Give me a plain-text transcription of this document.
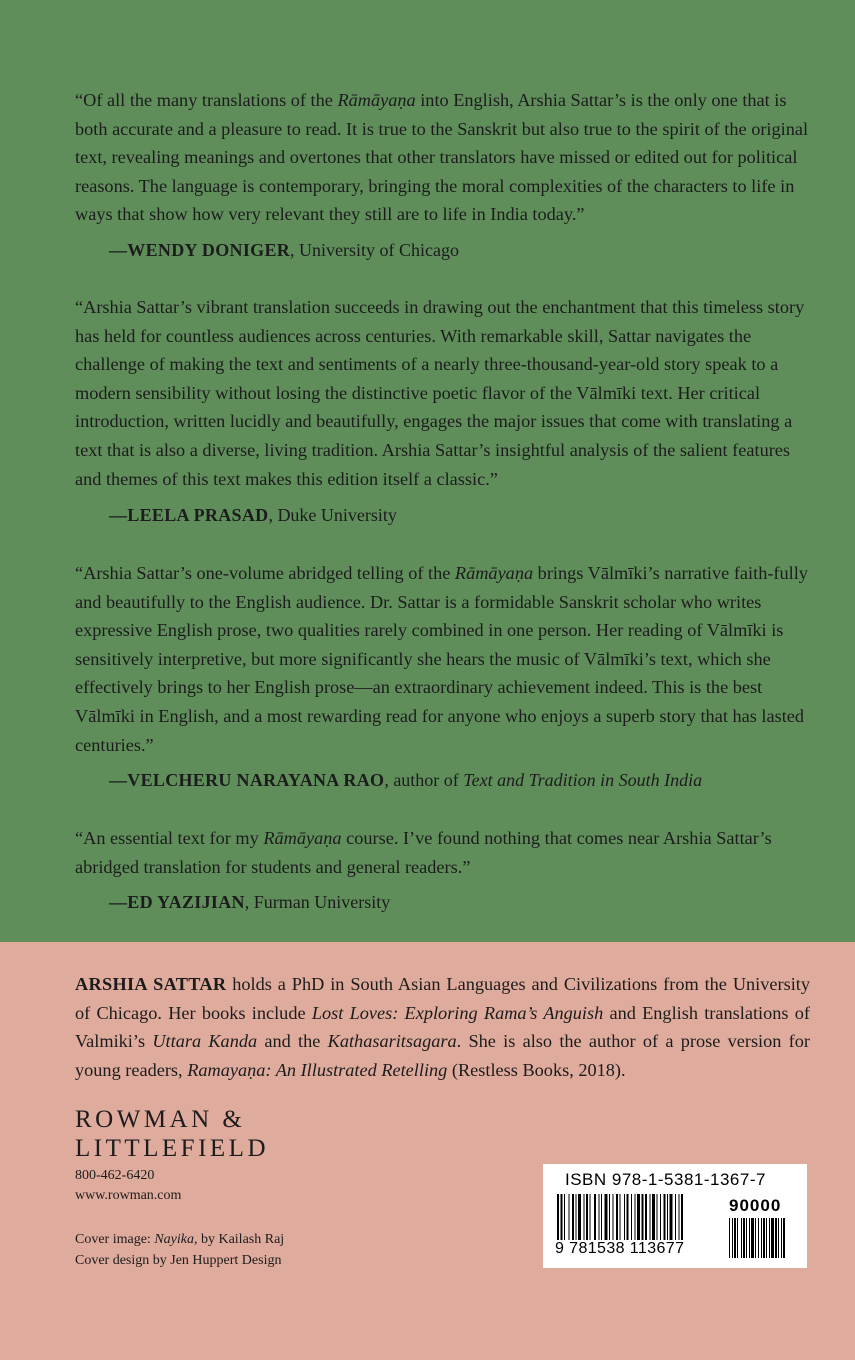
“Of all the many translations of the Rāmāyaṇa into English, Arshia Sattar’s is the only one that is both accurate and a pleasure to read. It is true to the Sanskrit but also true to the spirit of the original text, revealing meanings and overtones that other translators have missed or edited out for political reasons. The language is contemporary, bringing the moral complexities of the characters to life in ways that show how very relevant they still are to life in India today.”

—WENDY DONIGER, University of Chicago

“Arshia Sattar’s vibrant translation succeeds in drawing out the enchantment that this timeless story has held for countless audiences across centuries. With remarkable skill, Sattar navigates the challenge of making the text and sentiments of a nearly three-thousand-year-old story speak to a modern sensibility without losing the distinctive poetic flavor of the Vālmīki text. Her critical introduction, written lucidly and beautifully, engages the major issues that come with translating a text that is also a diverse, living tradition. Arshia Sattar’s insightful analysis of the salient features and themes of this text makes this edition itself a classic.”

—LEELA PRASAD, Duke University

“Arshia Sattar’s one-volume abridged telling of the Rāmāyaṇa brings Vālmīki’s narrative faith-fully and beautifully to the English audience. Dr. Sattar is a formidable Sanskrit scholar who writes expressive English prose, two qualities rarely combined in one person. Her reading of Vālmīki is sensitively interpretive, but more significantly she hears the music of Vālmīki’s text, which she effectively brings to her English prose—an extraordinary achievement indeed. This is the best Vālmīki in English, and a most rewarding read for anyone who enjoys a superb story that has lasted centuries.”

—VELCHERU NARAYANA RAO, author of Text and Tradition in South India

“An essential text for my Rāmāyaṇa course. I’ve found nothing that comes near Arshia Sattar’s abridged translation for students and general readers.”

—ED YAZIJIAN, Furman University

ARSHIA SATTAR holds a PhD in South Asian Languages and Civilizations from the University of Chicago. Her books include Lost Loves: Exploring Rama’s Anguish and English translations of Valmiki’s Uttara Kanda and the Kathasaritsagara. She is also the author of a prose version for young readers, Ramayaṇa: An Illustrated Retelling (Restless Books, 2018).

ROWMAN &
LITTLEFIELD
800-462-6420
www.rowman.com
Cover image: Nayika, by Kailash Raj
Cover design by Jen Huppert Design
ISBN 978-1-5381-1367-7
90000
9 781538 113677
